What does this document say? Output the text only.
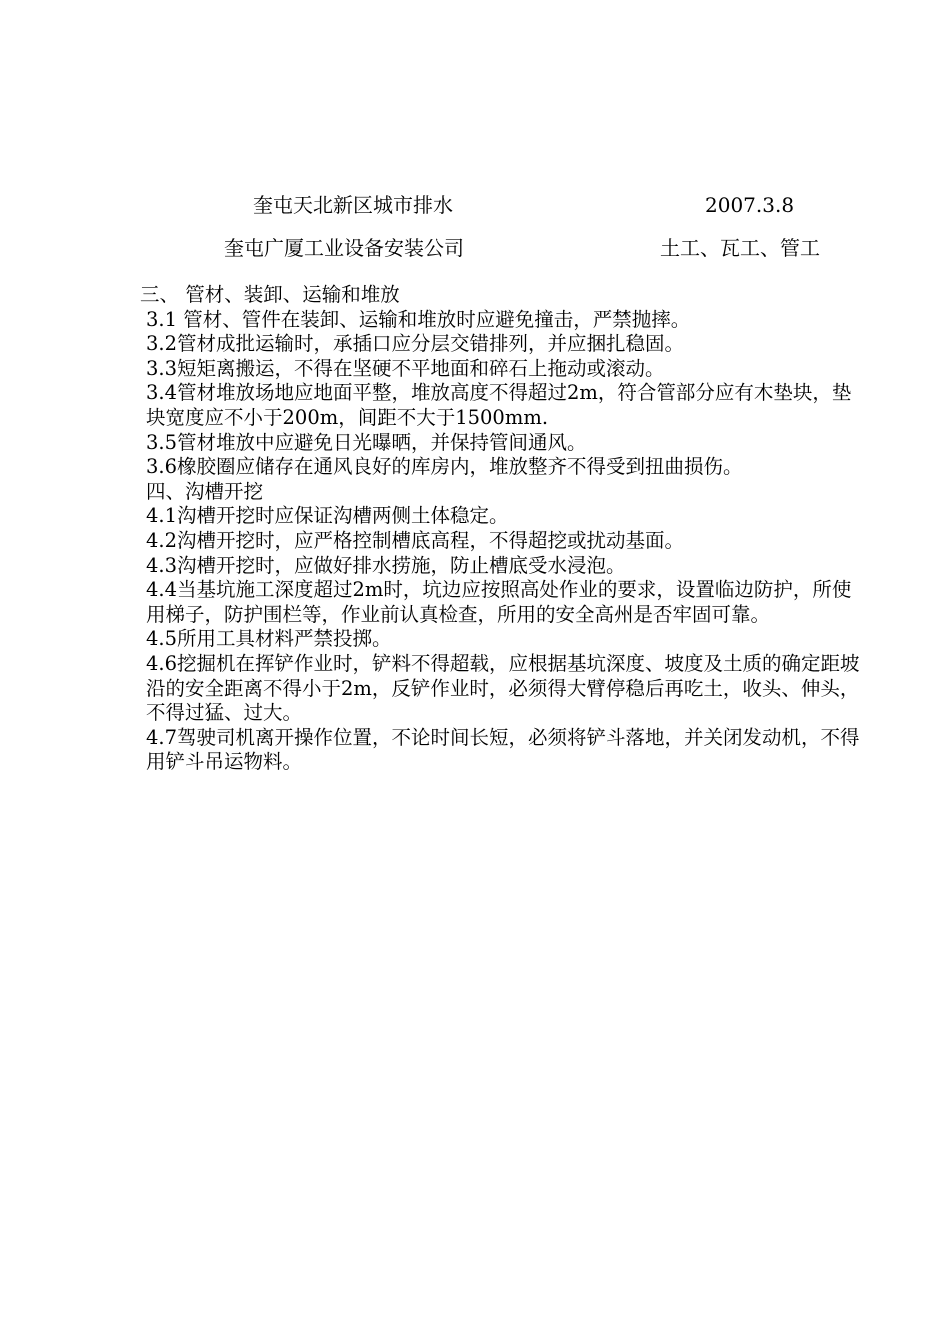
奎屯天北新区城市排水	2007.3.8
奎屯广厦工业设备安装公司	土工、瓦工、管工

三、 管材、装卸、运输和堆放

3.1 管材、管件在装卸、运输和堆放时应避免撞击，严禁抛摔。

3.2管材成批运输时，承插口应分层交错排列，并应捆扎稳固。

3.3短矩离搬运，不得在坚硬不平地面和碎石上拖动或滚动。

3.4管材堆放场地应地面平整，堆放高度不得超过2m，符合管部分应有木垫块，垫块宽度应不小于200m，间距不大于1500mm.

3.5管材堆放中应避免日光曝晒，并保持管间通风。

3.6橡胶圈应储存在通风良好的库房内，堆放整齐不得受到扭曲损伤。

四、沟槽开挖

4.1沟槽开挖时应保证沟槽两侧土体稳定。

4.2沟槽开挖时，应严格控制槽底高程，不得超挖或扰动基面。

4.3沟槽开挖时，应做好排水捞施，防止槽底受水浸泡。

4.4当基坑施工深度超过2m时，坑边应按照高处作业的要求，设置临边防护，所使用梯子，防护围栏等，作业前认真检查，所用的安全高州是否牢固可靠。

4.5所用工具材料严禁投掷。

4.6挖掘机在挥铲作业时，铲料不得超载，应根据基坑深度、坡度及土质的确定距坡沿的安全距离不得小于2m，反铲作业时，必须得大臂停稳后再吃土，收头、伸头，不得过猛、过大。

4.7驾驶司机离开操作位置，不论时间长短，必须将铲斗落地，并关闭发动机，不得用铲斗吊运物料。
